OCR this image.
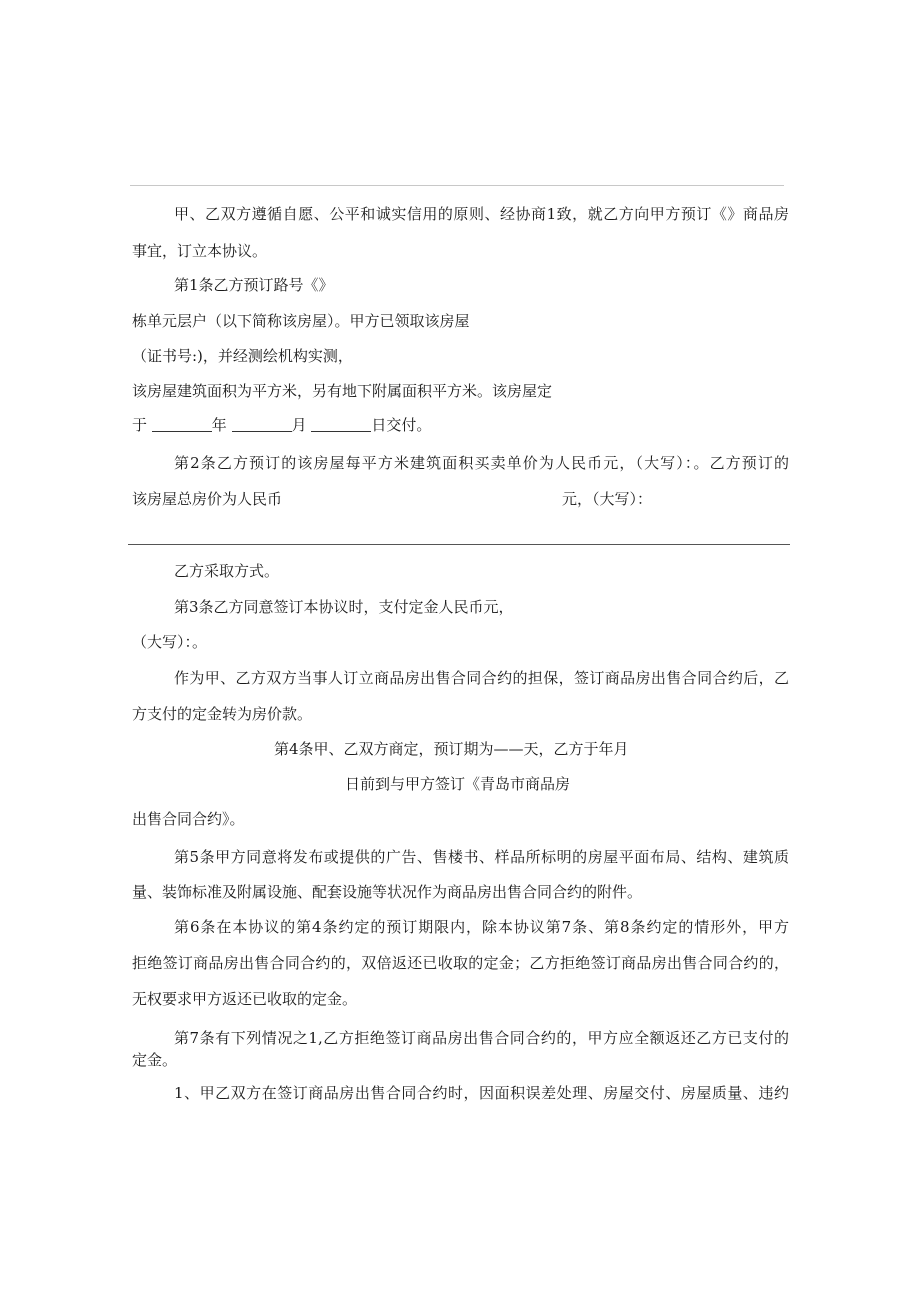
甲、乙双方遵循自愿、公平和诚实信用的原则、经协商1致，就乙方向甲方预订《》商品房
事宜，订立本协议。
第1条乙方预订路号《》
栋单元层户（以下简称该房屋）。甲方已领取该房屋
（证书号:)，并经测绘机构实测，
该房屋建筑面积为平方米，另有地下附属面积平方米。该房屋定
于	年	月	日交付。
第2条乙方预订的该房屋每平方米建筑面积买卖单价为人民币元，（大写）：。乙方预订的
该房屋总房价为人民币	元，（大写）：
乙方采取方式。
第3条乙方同意签订本协议时，支付定金人民币元，
（大写）：。
作为甲、乙方双方当事人订立商品房出售合同合约的担保，签订商品房出售合同合约后，乙
方支付的定金转为房价款。
第4条甲、乙双方商定，预订期为——天，乙方于年月
日前到与甲方签订《青岛市商品房
出售合同合约》。
第5条甲方同意将发布或提供的广告、售楼书、样品所标明的房屋平面布局、结构、建筑质
量、装饰标准及附属设施、配套设施等状况作为商品房出售合同合约的附件。
第6条在本协议的第4条约定的预订期限内，除本协议第7条、第8条约定的情形外，甲方
拒绝签订商品房出售合同合约的，双倍返还已收取的定金；乙方拒绝签订商品房出售合同合约的，
无权要求甲方返还已收取的定金。
第7条有下列情况之1,乙方拒绝签订商品房出售合同合约的，甲方应全额返还乙方已支付的
定金。
1、甲乙双方在签订商品房出售合同合约时，因面积误差处理、房屋交付、房屋质量、违约
